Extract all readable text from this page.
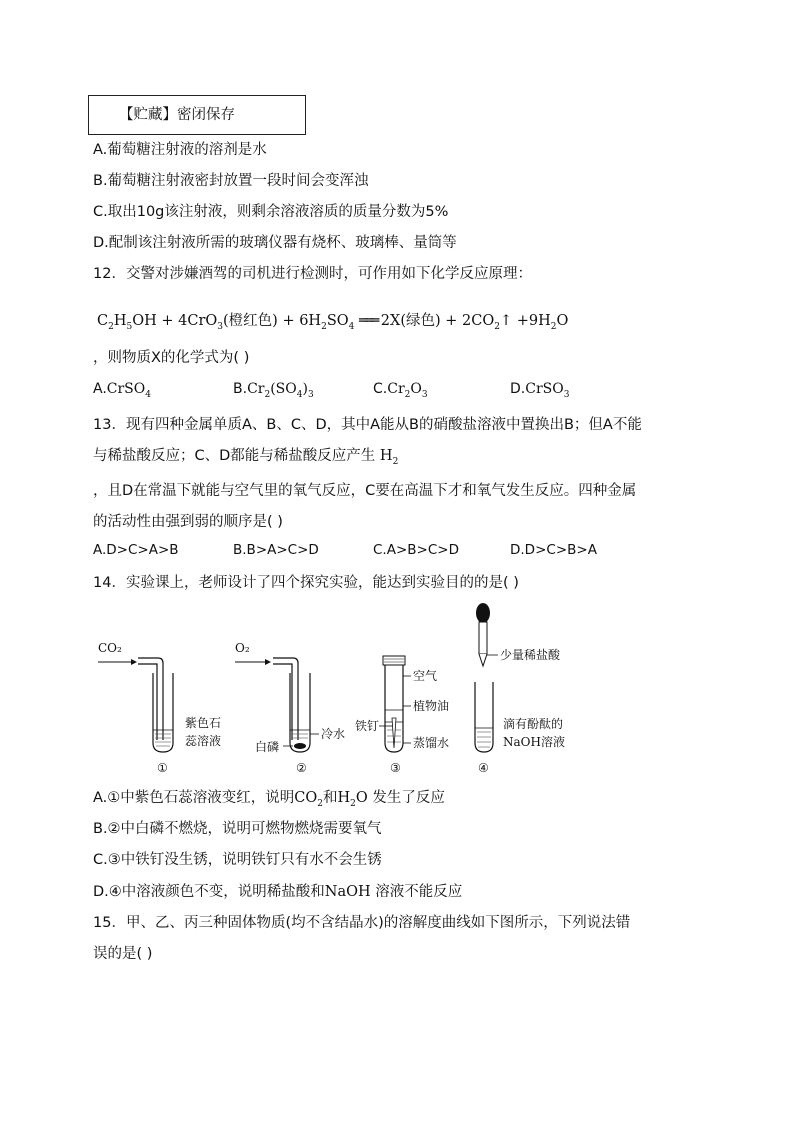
【贮藏】密闭保存
A.葡萄糖注射液的溶剂是水
B.葡萄糖注射液密封放置一段时间会变浑浊
C.取出10g该注射液，则剩余溶液溶质的质量分数为5%
D.配制该注射液所需的玻璃仪器有烧杯、玻璃棒、量筒等
12．交警对涉嫌酒驾的司机进行检测时，可作用如下化学反应原理：
$C_2H_5OH + 4CrO_3$(橙红色) + $6H_2SO_4$ ═══ 2X(绿色) + $2CO_2↑ +9H_2O$
，则物质X的化学式为( )
A.CrSO$_4$	$B.Cr_2(SO_4)_3$	$C.Cr_2O_3$	D.CrSO$_3$
13．现有四种金属单质A、B、C、D，其中A能从B的硝酸盐溶液中置换出B；但A不能
与稀盐酸反应；C、D都能与稀盐酸反应产生 $H_2$
，且D在常温下就能与空气里的氧气反应，C要在高温下才和氧气发生反应。四种金属
的活动性由强到弱的顺序是( )
A.D>C>A>B	B.B>A>C>D	C.A>B>C>D	D.D>C>B>A
14．实验课上，老师设计了四个探究实验，能达到实验目的的是( )
CO₂
紫色石
蕊溶液
①
O₂
冷水
白磷
②
空气
植物油
铁钉
蒸馏水
③
少量稀盐酸
滴有酚酞的
NaOH溶液
④
A.①中紫色石蕊溶液变红，说明$CO_2$和$H_2O$ 发生了反应
B.②中白磷不燃烧，说明可燃物燃烧需要氧气
C.③中铁钉没生锈，说明铁钉只有水不会生锈
D.④中溶液颜色不变，说明稀盐酸和NaOH 溶液不能反应
15．甲、乙、丙三种固体物质(均不含结晶水)的溶解度曲线如下图所示，下列说法错
误的是( )
